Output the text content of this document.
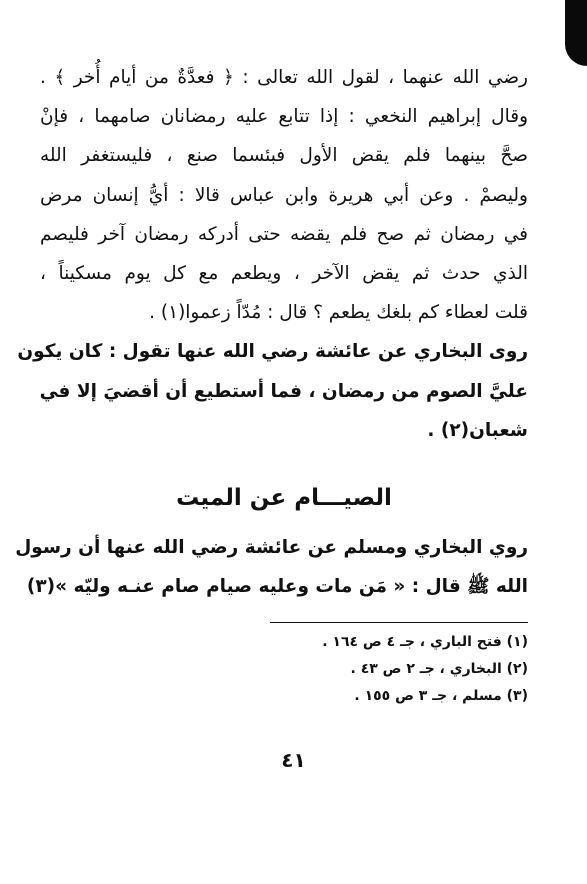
رضي الله عنهما ، لقول الله تعالى : ﴿ فعدَّةٌ من أيام أُخر ﴾ .
وقال إبراهيم النخعي : إذا تتابع عليه رمضانان صامهما ، فإنْ
صحَّ بينهما فلم يقض الأول فبئسما صنع ، فليستغفر الله
وليصمْ . وعن أبي هريرة وابن عباس قالا : أيُّ إنسان مرض
في رمضان ثم صح فلم يقضه حتى أدركه رمضان آخر فليصم
الذي حدث ثم يقض الآخر ، ويطعم مع كل يوم مسكيناً ،
قلت لعطاء كم بلغك يطعم ؟ قال : مُدّاً زعموا(١) .
روى البخاري عن عائشة رضي الله عنها تقول : كان يكون
عليَّ الصوم من رمضان ، فما أستطيع أن أقضيَ إلا في
شعبان(٢) .
الصيـــام عن الميت
روي البخاري ومسلم عن عائشة رضي الله عنها أن رسول
الله ﷺ قال : « مَن مات وعليه صيام صام عنـه وليّه »(٣)
(١) فتح الباري ، جـ ٤ ص ١٦٤ .
(٢) البخاري ، جـ ٢ ص ٤٣ .
(٣) مسلم ، جـ ٣ ص ١٥٥ .
٤١
